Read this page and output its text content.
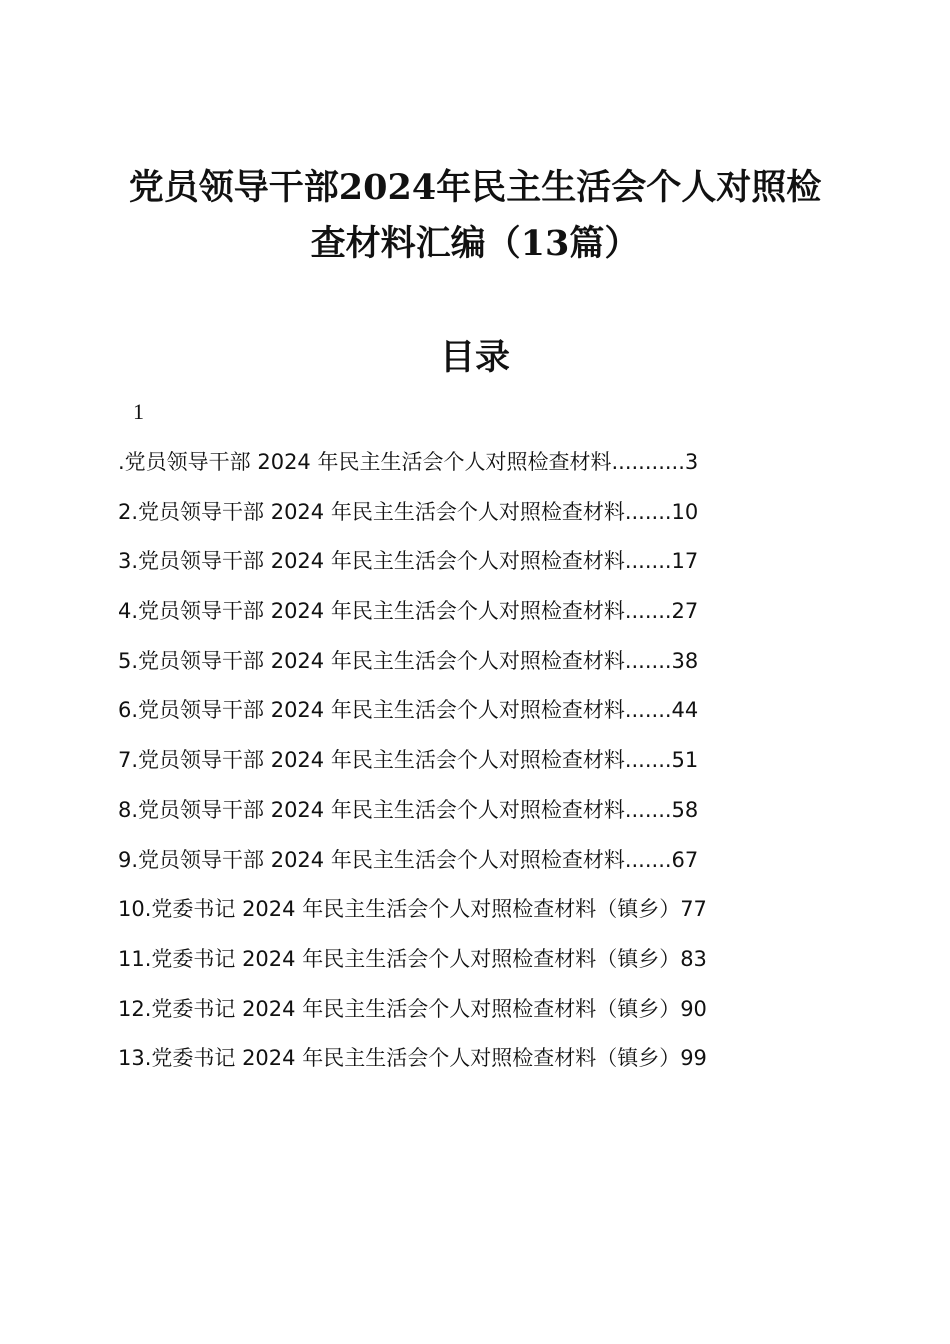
党员领导干部2024年民主生活会个人对照检
查材料汇编（13篇）
目录
1
.党员领导干部 2024 年民主生活会个人对照检查材料...........3
2.党员领导干部 2024 年民主生活会个人对照检查材料.......10
3.党员领导干部 2024 年民主生活会个人对照检查材料.......17
4.党员领导干部 2024 年民主生活会个人对照检查材料.......27
5.党员领导干部 2024 年民主生活会个人对照检查材料.......38
6.党员领导干部 2024 年民主生活会个人对照检查材料.......44
7.党员领导干部 2024 年民主生活会个人对照检查材料.......51
8.党员领导干部 2024 年民主生活会个人对照检查材料.......58
9.党员领导干部 2024 年民主生活会个人对照检查材料.......67
10.党委书记 2024 年民主生活会个人对照检查材料（镇乡）77
11.党委书记 2024 年民主生活会个人对照检查材料（镇乡）83
12.党委书记 2024 年民主生活会个人对照检查材料（镇乡）90
13.党委书记 2024 年民主生活会个人对照检查材料（镇乡）99
